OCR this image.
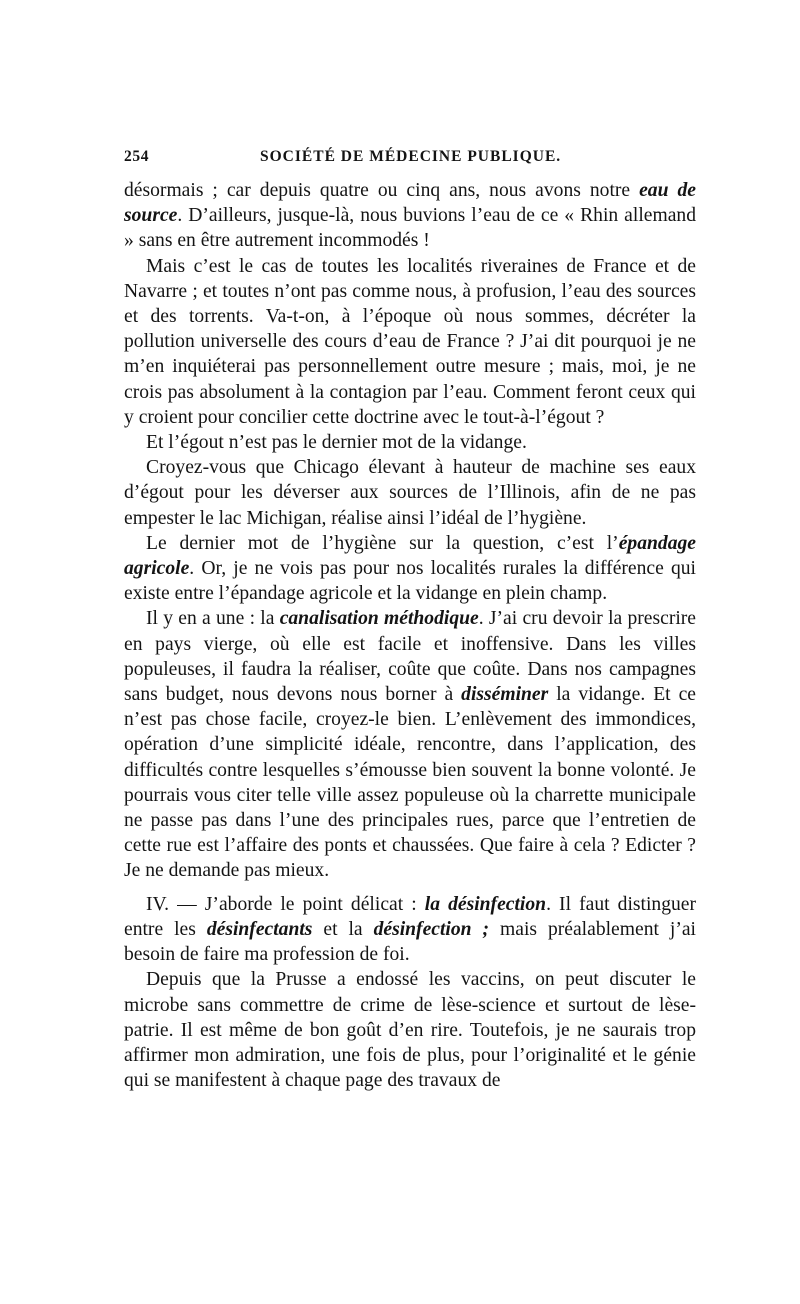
254	SOCIÉTÉ DE MÉDECINE PUBLIQUE.

désormais ; car depuis quatre ou cinq ans, nous avons notre eau de source. D’ailleurs, jusque-là, nous buvions l’eau de ce « Rhin allemand » sans en être autrement incommodés !

Mais c’est le cas de toutes les localités riveraines de France et de Navarre ; et toutes n’ont pas comme nous, à profusion, l’eau des sources et des torrents. Va-t-on, à l’époque où nous sommes, décréter la pollution universelle des cours d’eau de France ? J’ai dit pourquoi je ne m’en inquiéterai pas personnellement outre mesure ; mais, moi, je ne crois pas absolument à la contagion par l’eau. Comment feront ceux qui y croient pour concilier cette doctrine avec le tout-à-l’égout ?

Et l’égout n’est pas le dernier mot de la vidange.

Croyez-vous que Chicago élevant à hauteur de machine ses eaux d’égout pour les déverser aux sources de l’Illinois, afin de ne pas empester le lac Michigan, réalise ainsi l’idéal de l’hygiène.

Le dernier mot de l’hygiène sur la question, c’est l’épandage agricole. Or, je ne vois pas pour nos localités rurales la différence qui existe entre l’épandage agricole et la vidange en plein champ.

Il y en a une : la canalisation méthodique. J’ai cru devoir la prescrire en pays vierge, où elle est facile et inoffensive. Dans les villes populeuses, il faudra la réaliser, coûte que coûte. Dans nos campagnes sans budget, nous devons nous borner à disséminer la vidange. Et ce n’est pas chose facile, croyez-le bien. L’enlèvement des immondices, opération d’une simplicité idéale, rencontre, dans l’application, des difficultés contre lesquelles s’émousse bien souvent la bonne volonté. Je pourrais vous citer telle ville assez populeuse où la charrette municipale ne passe pas dans l’une des principales rues, parce que l’entretien de cette rue est l’affaire des ponts et chaussées. Que faire à cela ? Edicter ? Je ne demande pas mieux.

IV. — J’aborde le point délicat : la désinfection. Il faut distinguer entre les désinfectants et la désinfection ; mais préalablement j’ai besoin de faire ma profession de foi.

Depuis que la Prusse a endossé les vaccins, on peut discuter le microbe sans commettre de crime de lèse-science et surtout de lèse-patrie. Il est même de bon goût d’en rire. Toutefois, je ne saurais trop affirmer mon admiration, une fois de plus, pour l’originalité et le génie qui se manifestent à chaque page des travaux de
